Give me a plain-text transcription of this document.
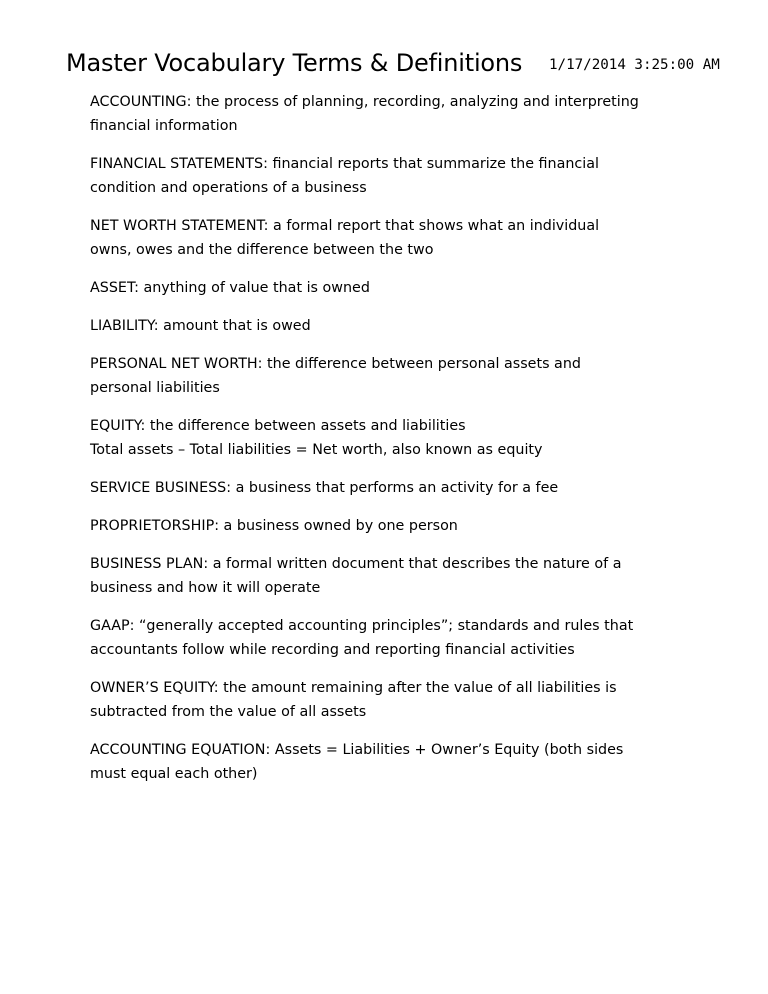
Master Vocabulary Terms & Definitions 1/17/2014 3:25:00 AM

ACCOUNTING: the process of planning, recording, analyzing and interpreting
financial information

FINANCIAL STATEMENTS: financial reports that summarize the financial
condition and operations of a business

NET WORTH STATEMENT: a formal report that shows what an individual
owns, owes and the difference between the two

ASSET: anything of value that is owned

LIABILITY: amount that is owed

PERSONAL NET WORTH: the difference between personal assets and
personal liabilities

EQUITY: the difference between assets and liabilities
Total assets – Total liabilities = Net worth, also known as equity

SERVICE BUSINESS: a business that performs an activity for a fee

PROPRIETORSHIP: a business owned by one person

BUSINESS PLAN: a formal written document that describes the nature of a
business and how it will operate

GAAP: “generally accepted accounting principles”; standards and rules that
accountants follow while recording and reporting financial activities

OWNER’S EQUITY: the amount remaining after the value of all liabilities is
subtracted from the value of all assets

ACCOUNTING EQUATION: Assets = Liabilities + Owner’s Equity (both sides
must equal each other)
